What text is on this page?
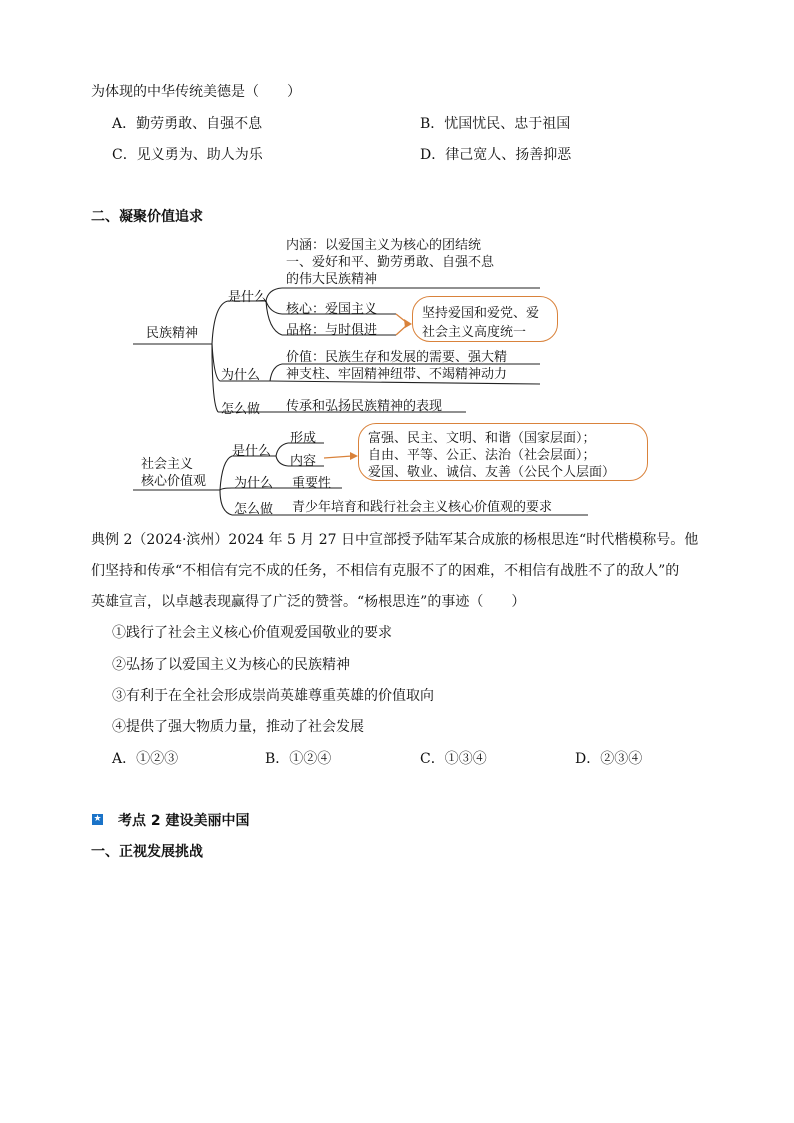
为体现的中华传统美德是（　　）
A．勤劳勇敢、自强不息	B．忧国忧民、忠于祖国
C．见义勇为、助人为乐	D．律己宽人、扬善抑恶
二、凝聚价值追求
民族精神
是什么
为什么
怎么做
内涵：以爱国主义为核心的团结统
一、爱好和平、勤劳勇敢、自强不息
的伟大民族精神
核心：爱国主义
品格：与时俱进
坚持爱国和爱党、爱
社会主义高度统一
价值：民族生存和发展的需要、强大精
神支柱、牢固精神纽带、不竭精神动力
传承和弘扬民族精神的表现
社会主义
核心价值观
是什么
为什么
怎么做
形成
内容
重要性
青少年培育和践行社会主义核心价值观的要求
富强、民主、文明、和谐（国家层面）；
自由、平等、公正、法治（社会层面）；
爱国、敬业、诚信、友善（公民个人层面）
典例 2（2024·滨州）2024 年 5 月 27 日中宣部授予陆军某合成旅的杨根思连“时代楷模称号。他
们坚持和传承“不相信有完不成的任务，不相信有克服不了的困难，不相信有战胜不了的敌人”的
英雄宣言，以卓越表现赢得了广泛的赞誉。“杨根思连”的事迹（　　）
①践行了社会主义核心价值观爱国敬业的要求
②弘扬了以爱国主义为核心的民族精神
③有利于在全社会形成崇尚英雄尊重英雄的价值取向
④提供了强大物质力量，推动了社会发展
A．①②③	B．①②④	C．①③④	D．②③④
★ 考点 2 建设美丽中国
一、正视发展挑战
